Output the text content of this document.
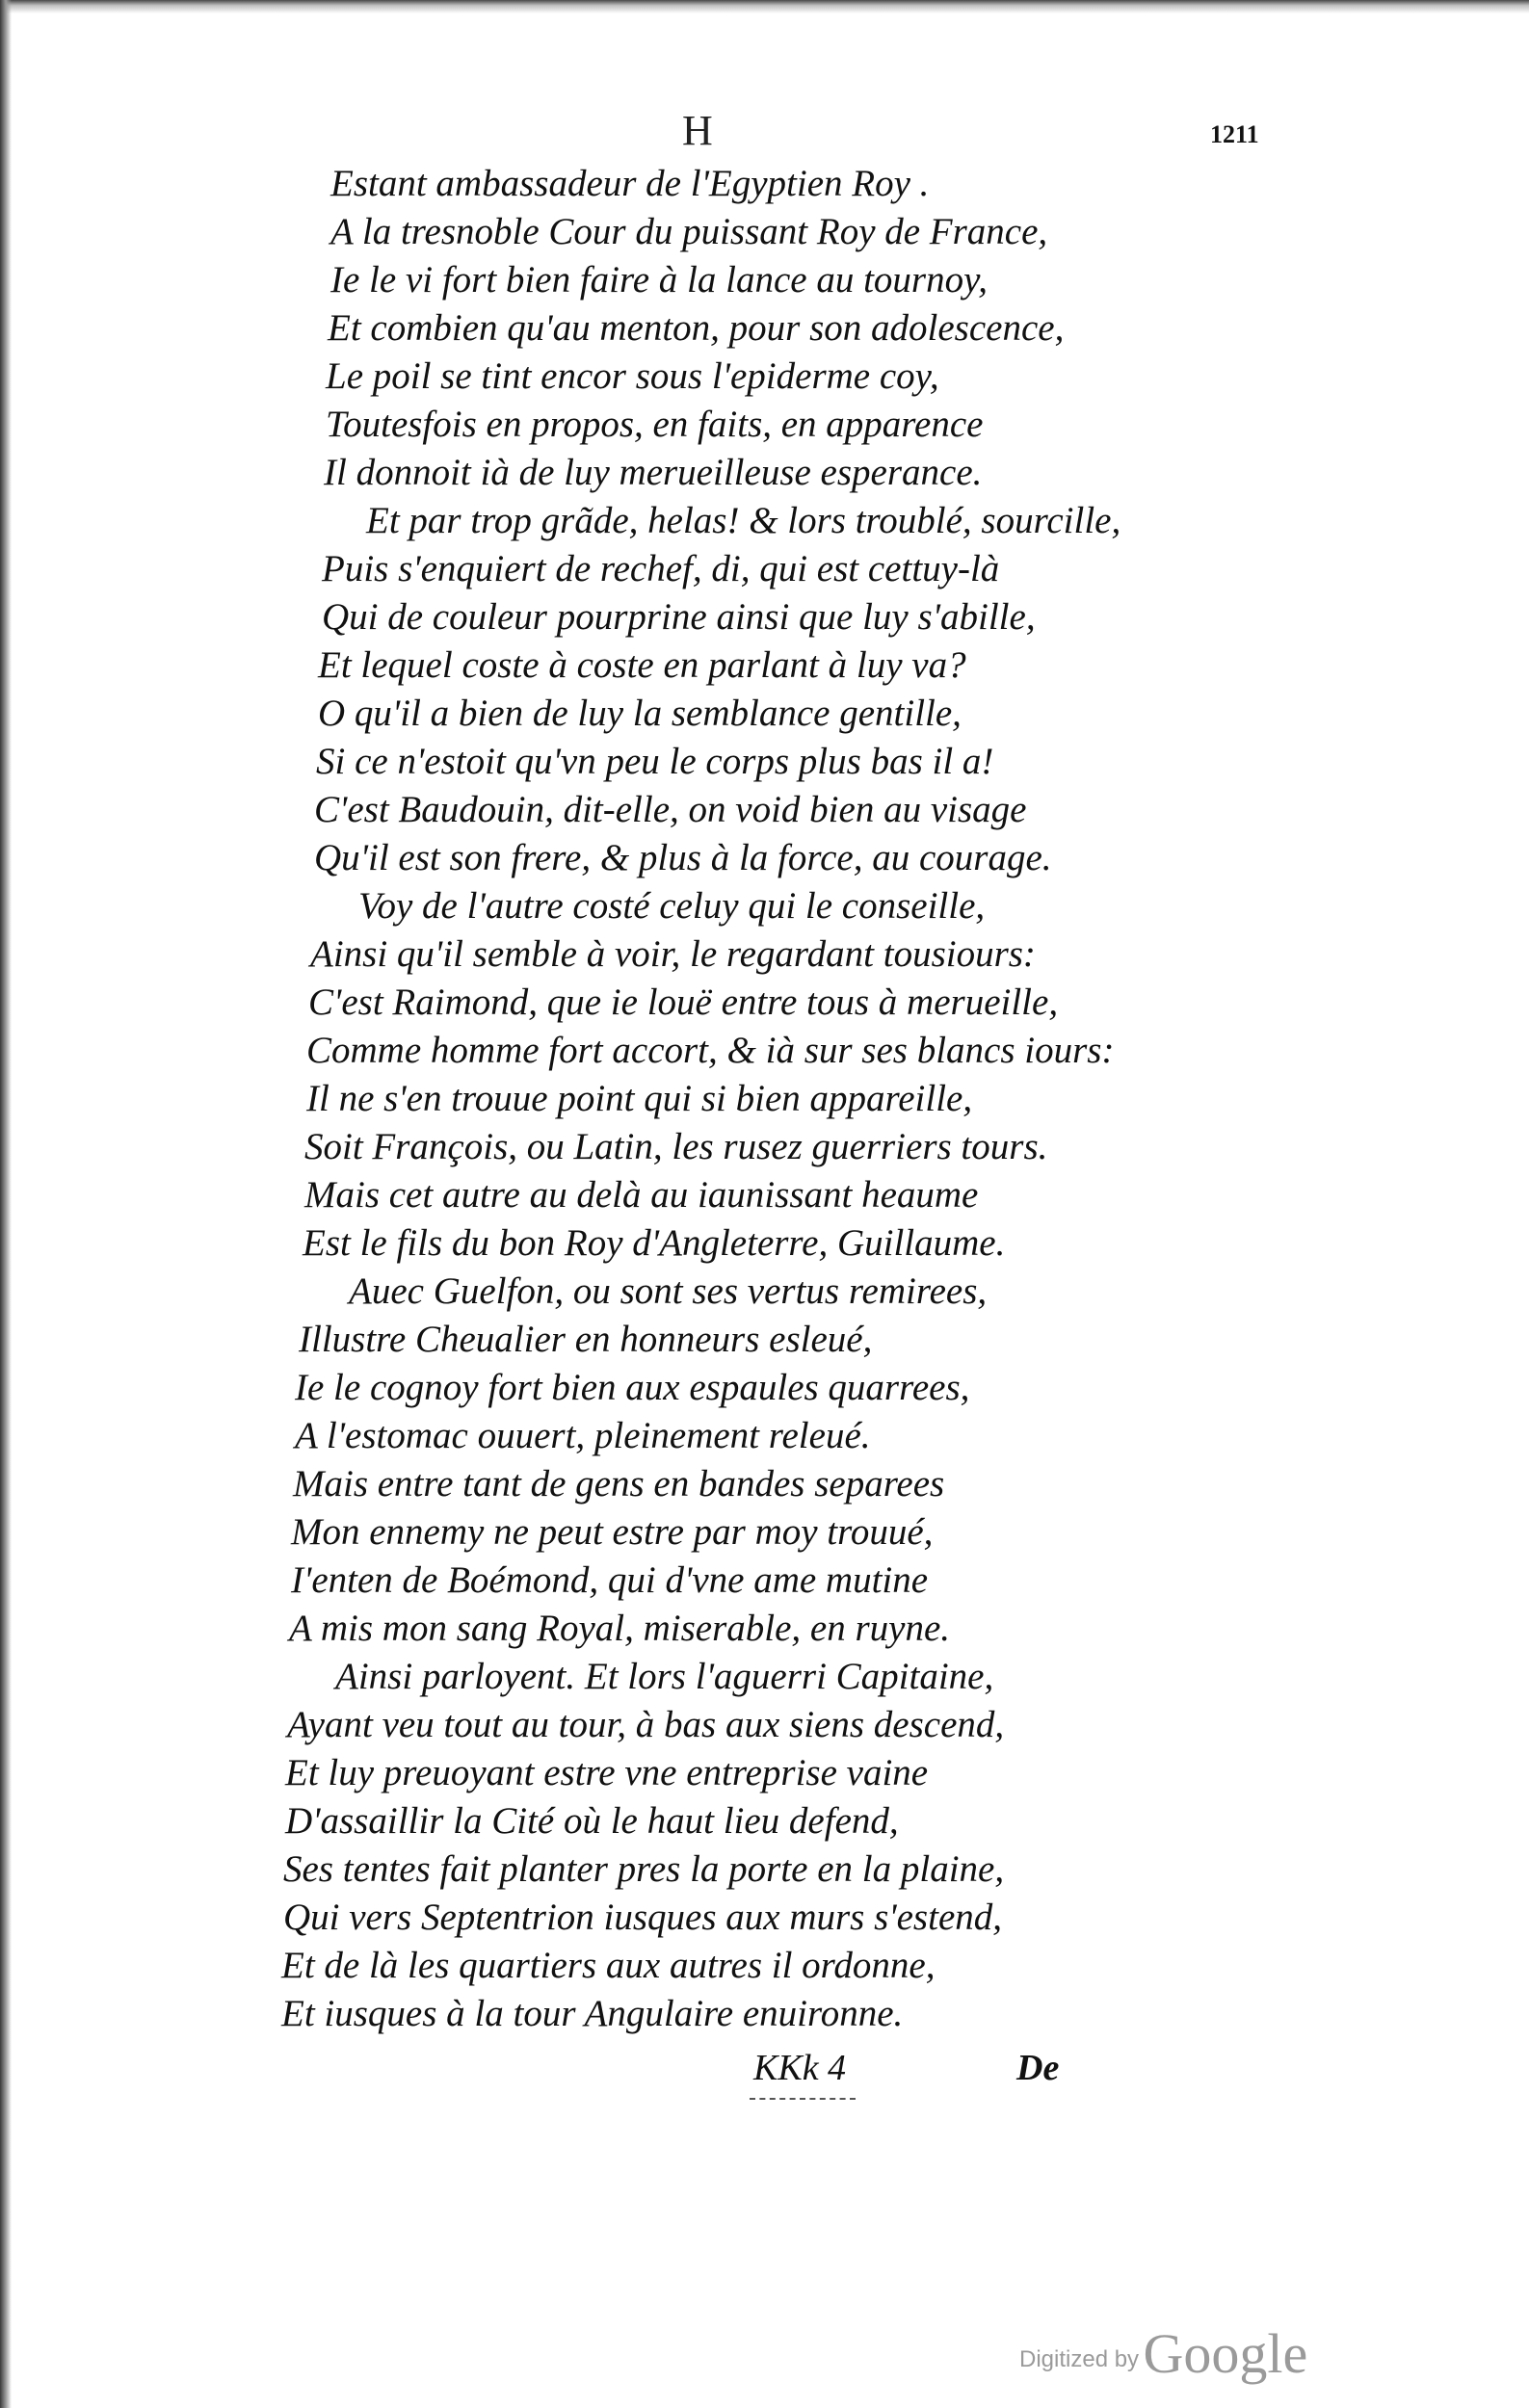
H	1211
Estant ambassadeur de l'Egyptien Roy .
A la tresnoble Cour du puissant Roy de France,
Ie le vi fort bien faire à la lance au tournoy,
Et combien qu'au menton, pour son adolescence,
Le poil se tint encor sous l'epiderme coy,
Toutesfois en propos, en faits, en apparence
Il donnoit ià de luy merueilleuse esperance.
Et par trop grãde, helas! & lors troublé, sourcille,
Puis s'enquiert de rechef, di, qui est cettuy-là
Qui de couleur pourprine ainsi que luy s'abille,
Et lequel coste à coste en parlant à luy va?
O qu'il a bien de luy la semblance gentille,
Si ce n'estoit qu'vn peu le corps plus bas il a!
C'est Baudouin, dit-elle, on void bien au visage
Qu'il est son frere, & plus à la force, au courage.
Voy de l'autre costé celuy qui le conseille,
Ainsi qu'il semble à voir, le regardant tousiours:
C'est Raimond, que ie louë entre tous à merueille,
Comme homme fort accort, & ià sur ses blancs iours:
Il ne s'en trouue point qui si bien appareille,
Soit François, ou Latin, les rusez guerriers tours.
Mais cet autre au delà au iaunissant heaume
Est le fils du bon Roy d'Angleterre, Guillaume.
Auec Guelfon, ou sont ses vertus remirees,
Illustre Cheualier en honneurs esleué,
Ie le cognoy fort bien aux espaules quarrees,
A l'estomac ouuert, pleinement releué.
Mais entre tant de gens en bandes separees
Mon ennemy ne peut estre par moy trouué,
I'enten de Boémond, qui d'vne ame mutine
A mis mon sang Royal, miserable, en ruyne.
Ainsi parloyent. Et lors l'aguerri Capitaine,
Ayant veu tout au tour, à bas aux siens descend,
Et luy preuoyant estre vne entreprise vaine
D'assaillir la Cité où le haut lieu defend,
Ses tentes fait planter pres la porte en la plaine,
Qui vers Septentrion iusques aux murs s'estend,
Et de là les quartiers aux autres il ordonne,
Et iusques à la tour Angulaire enuironne.
KKk 4	De
Digitized by Google
